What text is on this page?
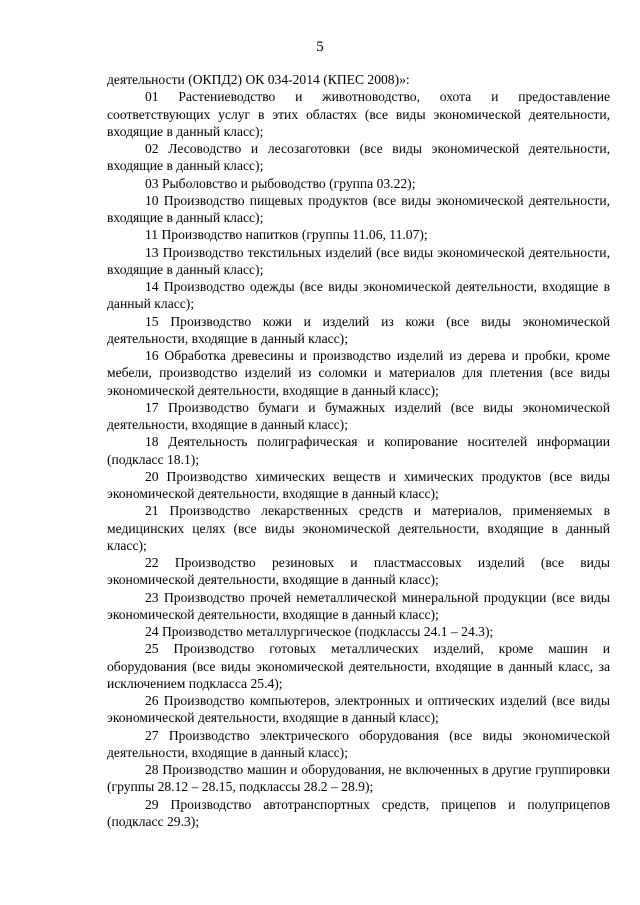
5

деятельности (ОКПД2) ОК 034-2014 (КПЕС 2008)»:

01 Растениеводство и животноводство, охота и предоставление соответствующих услуг в этих областях (все виды экономической деятельности, входящие в данный класс);

02 Лесоводство и лесозаготовки (все виды экономической деятельности, входящие в данный класс);

03 Рыболовство и рыбоводство (группа 03.22);

10 Производство пищевых продуктов (все виды экономической деятельности, входящие в данный класс);

11 Производство напитков (группы 11.06, 11.07);

13 Производство текстильных изделий (все виды экономической деятельности, входящие в данный класс);

14 Производство одежды (все виды экономической деятельности, входящие в данный класс);

15 Производство кожи и изделий из кожи (все виды экономической деятельности, входящие в данный класс);

16 Обработка древесины и производство изделий из дерева и пробки, кроме мебели, производство изделий из соломки и материалов для плетения (все виды экономической деятельности, входящие в данный класс);

17 Производство бумаги и бумажных изделий (все виды экономической деятельности, входящие в данный класс);

18 Деятельность полиграфическая и копирование носителей информации (подкласс 18.1);

20 Производство химических веществ и химических продуктов (все виды экономической деятельности, входящие в данный класс);

21 Производство лекарственных средств и материалов, применяемых в медицинских целях (все виды экономической деятельности, входящие в данный класс);

22 Производство резиновых и пластмассовых изделий (все виды экономической деятельности, входящие в данный класс);

23 Производство прочей неметаллической минеральной продукции (все виды экономической деятельности, входящие в данный класс);

24 Производство металлургическое (подклассы 24.1 – 24.3);

25 Производство готовых металлических изделий, кроме машин и оборудования (все виды экономической деятельности, входящие в данный класс, за исключением подкласса 25.4);

26 Производство компьютеров, электронных и оптических изделий (все виды экономической деятельности, входящие в данный класс);

27 Производство электрического оборудования (все виды экономической деятельности, входящие в данный класс);

28 Производство машин и оборудования, не включенных в другие группировки (группы 28.12 – 28.15, подклассы 28.2 – 28.9);

29 Производство автотранспортных средств, прицепов и полуприцепов (подкласс 29.3);
